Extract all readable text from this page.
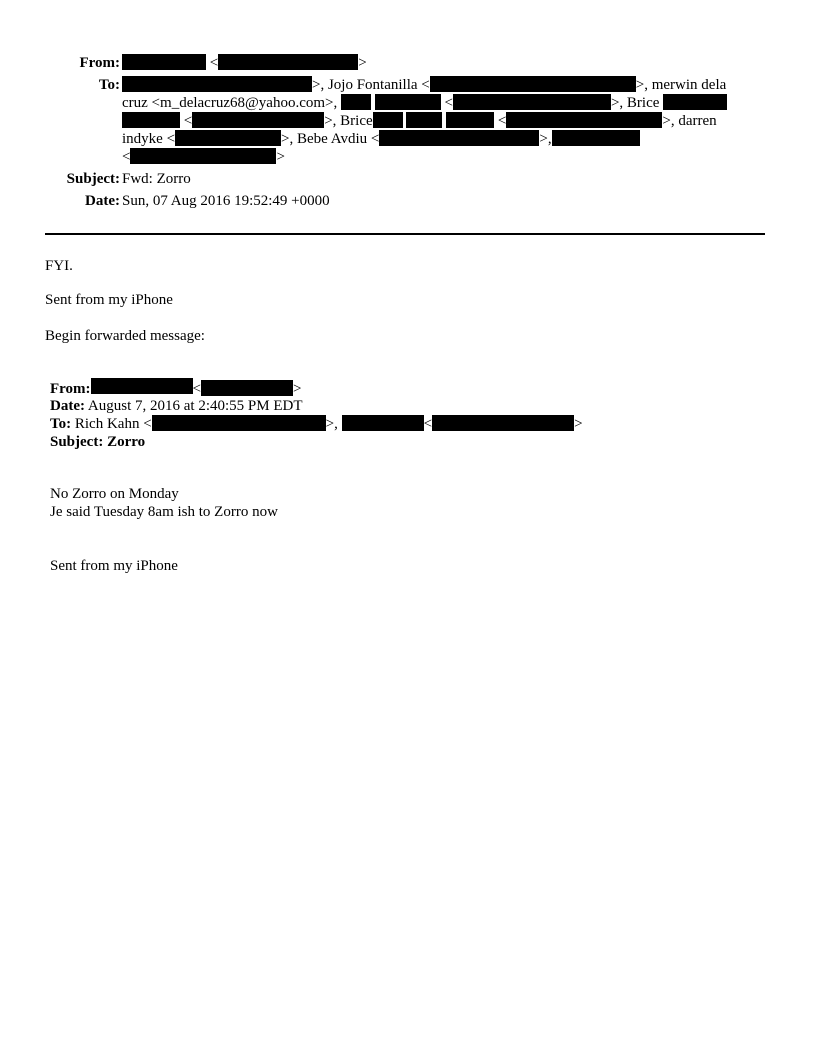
From:	<	>
To:	>, Jojo Fontanilla <	>, merwin dela
cruz <m_delacruz68@yahoo.com>,	<	>, Brice
<	>, Brice	<	>, darren
indyke <	>, Bebe Avdiu <	>,
<	>
Subject: Fwd: Zorro
Date: Sun, 07 Aug 2016 19:52:49 +0000

FYI.

Sent from my iPhone

Begin forwarded message:

From:	<	>
Date: August 7, 2016 at 2:40:55 PM EDT
To: Rich Kahn <	>,	<	>
Subject: Zorro
No Zorro on Monday
Je said Tuesday 8am ish to Zorro now
Sent from my iPhone
